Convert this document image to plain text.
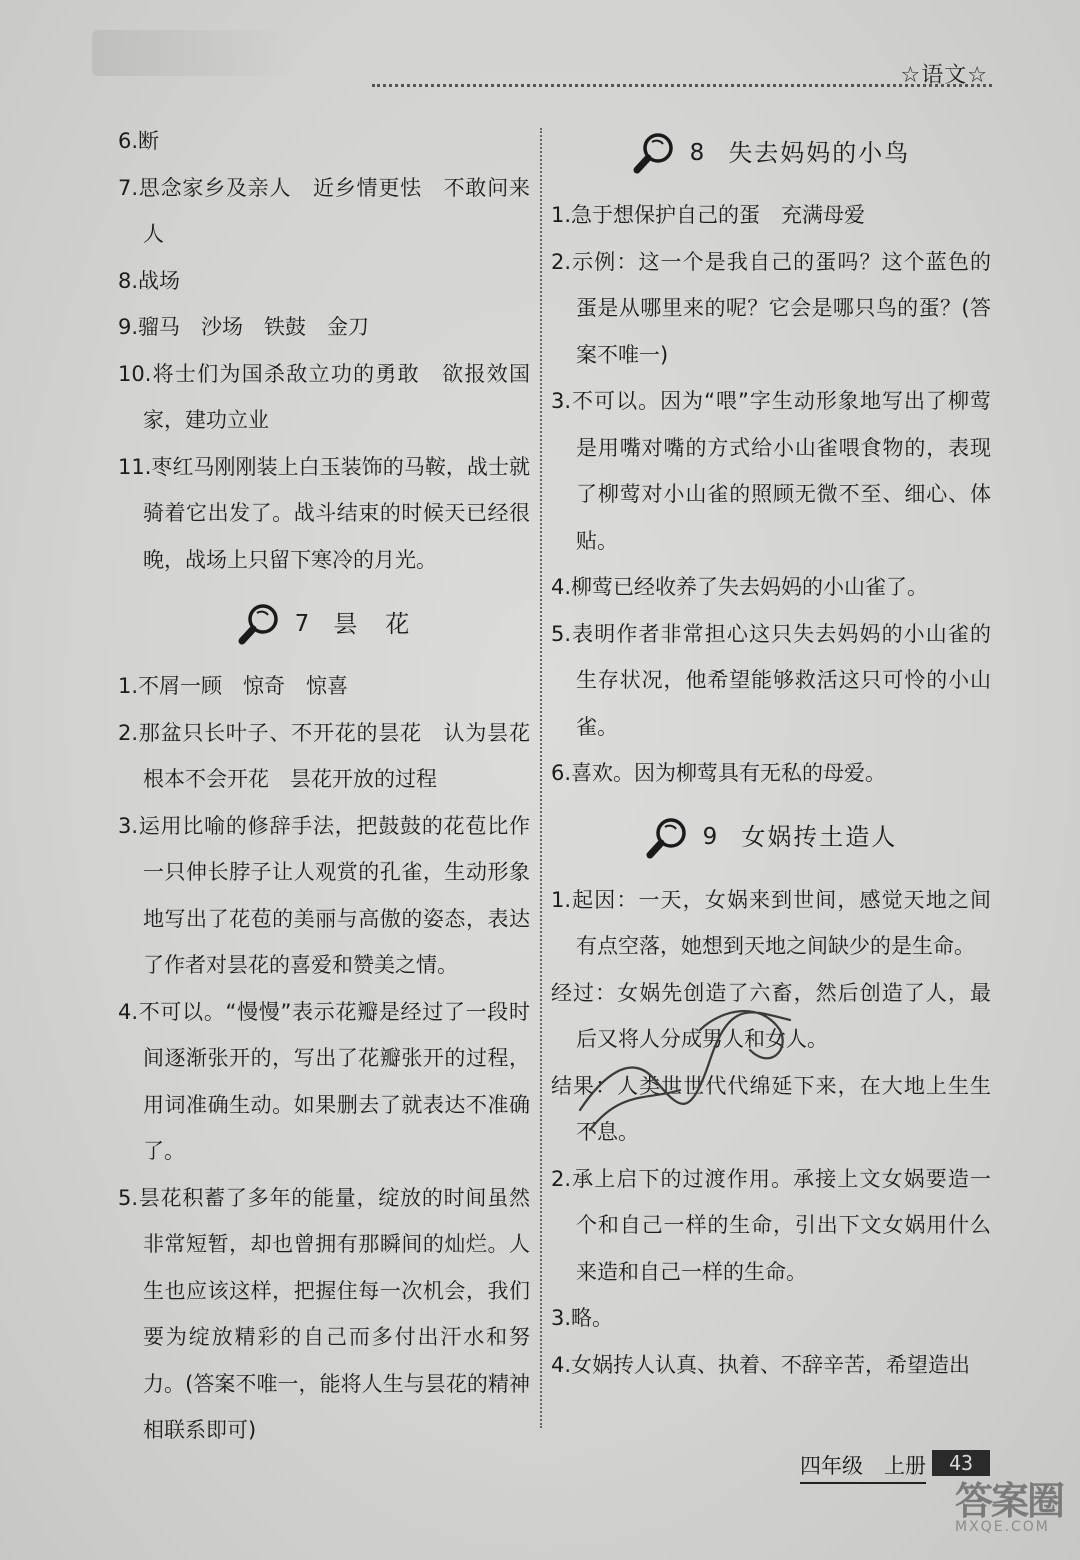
☆语文☆

6.断

7.思念家乡及亲人　近乡情更怯　不敢问来人

8.战场

9.骝马　沙场　铁鼓　金刀

10.将士们为国杀敌立功的勇敢　欲报效国家，建功立业

11.枣红马刚刚装上白玉装饰的马鞍，战士就骑着它出发了。战斗结束的时候天已经很晚，战场上只留下寒冷的月光。

7 昙　花

1.不屑一顾　惊奇　惊喜

2.那盆只长叶子、不开花的昙花　认为昙花根本不会开花　昙花开放的过程

3.运用比喻的修辞手法，把鼓鼓的花苞比作一只伸长脖子让人观赏的孔雀，生动形象地写出了花苞的美丽与高傲的姿态，表达了作者对昙花的喜爱和赞美之情。

4.不可以。“慢慢”表示花瓣是经过了一段时间逐渐张开的，写出了花瓣张开的过程，用词准确生动。如果删去了就表达不准确了。

5.昙花积蓄了多年的能量，绽放的时间虽然非常短暂，却也曾拥有那瞬间的灿烂。人生也应该这样，把握住每一次机会，我们要为绽放精彩的自己而多付出汗水和努力。(答案不唯一，能将人生与昙花的精神相联系即可)

8 失去妈妈的小鸟

1.急于想保护自己的蛋　充满母爱

2.示例：这一个是我自己的蛋吗？这个蓝色的蛋是从哪里来的呢？它会是哪只鸟的蛋？(答案不唯一)

3.不可以。因为“喂”字生动形象地写出了柳莺是用嘴对嘴的方式给小山雀喂食物的，表现了柳莺对小山雀的照顾无微不至、细心、体贴。

4.柳莺已经收养了失去妈妈的小山雀了。

5.表明作者非常担心这只失去妈妈的小山雀的生存状况，他希望能够救活这只可怜的小山雀。

6.喜欢。因为柳莺具有无私的母爱。

9 女娲抟土造人

1.起因：一天，女娲来到世间，感觉天地之间有点空落，她想到天地之间缺少的是生命。

经过：女娲先创造了六畜，然后创造了人，最后又将人分成男人和女人。

结果：人类世世代代绵延下来，在大地上生生不息。

2.承上启下的过渡作用。承接上文女娲要造一个和自己一样的生命，引出下文女娲用什么来造和自己一样的生命。

3.略。

4.女娲抟人认真、执着、不辞辛苦，希望造出

四年级　上册	43
答案圈
MXQE.COM
